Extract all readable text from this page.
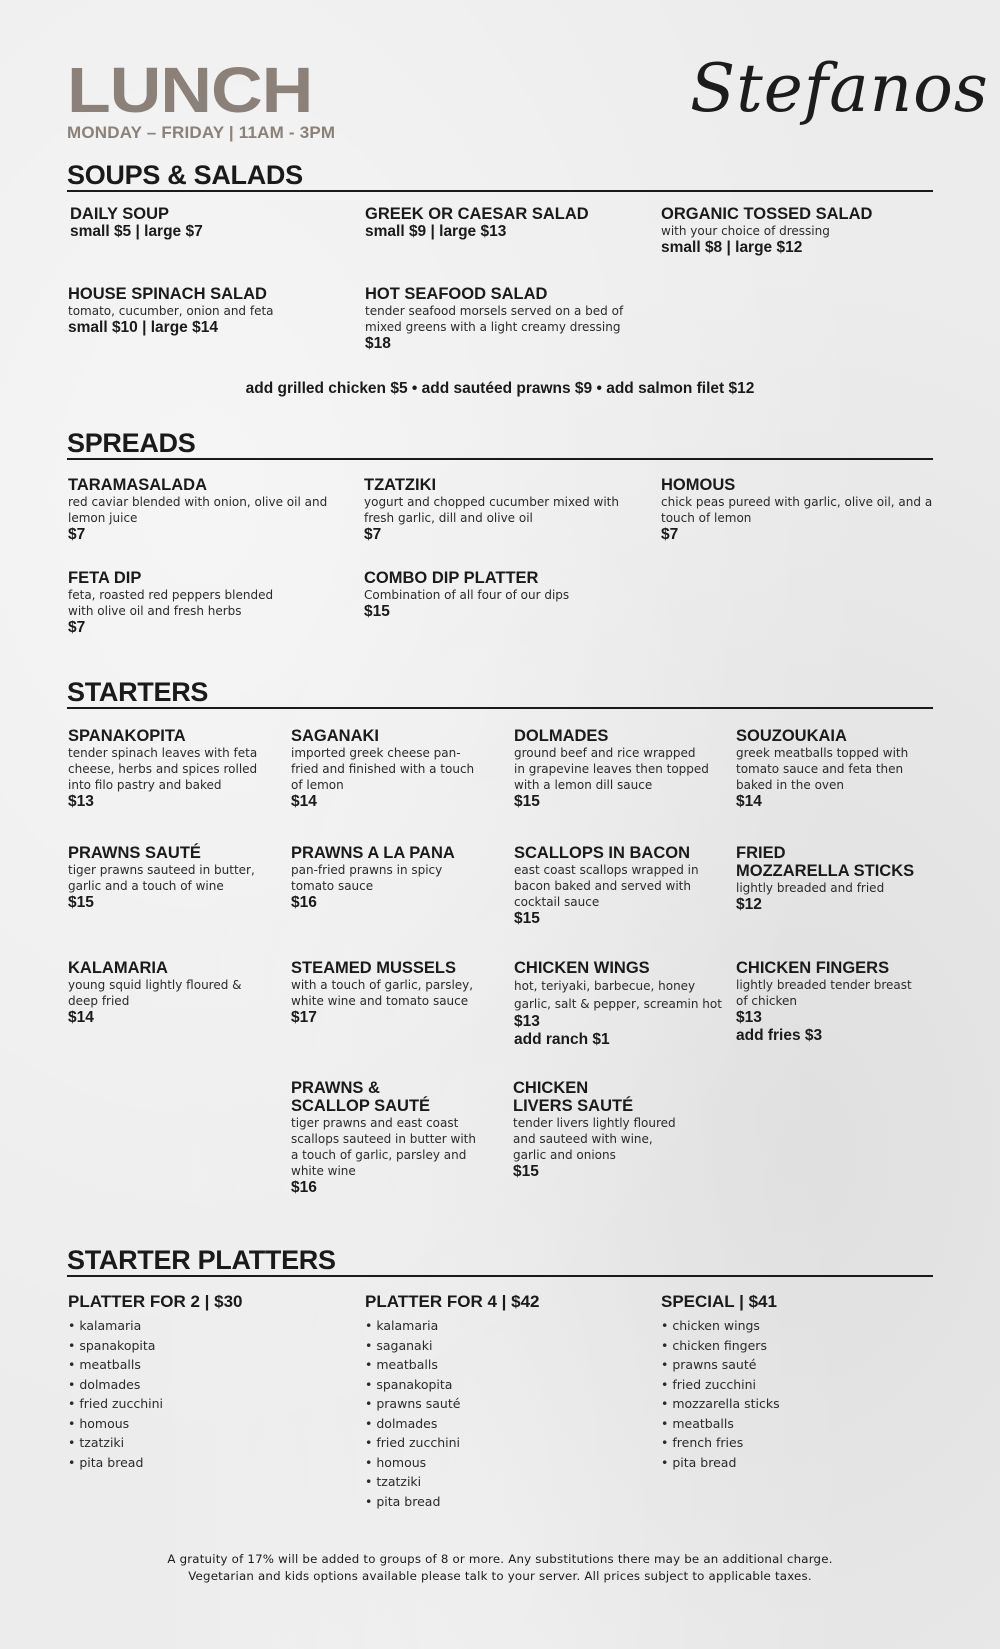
LUNCH
MONDAY – FRIDAY | 11AM - 3PM
Stefanos
SOUPS & SALADS
DAILY SOUP
small $5 | large $7
GREEK OR CAESAR SALAD
small $9 | large $13
ORGANIC TOSSED SALAD
with your choice of dressing
small $8 | large $12
HOUSE SPINACH SALAD
tomato, cucumber, onion and feta
small $10 | large $14
HOT SEAFOOD SALAD
tender seafood morsels served on a bed of
mixed greens with a light creamy dressing
$18
add grilled chicken $5 • add sautéed prawns $9 • add salmon filet $12
SPREADS
TARAMASALADA
red caviar blended with onion, olive oil and
lemon juice
$7
TZATZIKI
yogurt and chopped cucumber mixed with
fresh garlic, dill and olive oil
$7
HOMOUS
chick peas pureed with garlic, olive oil, and a
touch of lemon
$7
FETA DIP
feta, roasted red peppers blended
with olive oil and fresh herbs
$7
COMBO DIP PLATTER
Combination of all four of our dips
$15
STARTERS
SPANAKOPITA
tender spinach leaves with feta
cheese, herbs and spices rolled
into filo pastry and baked
$13
SAGANAKI
imported greek cheese pan-
fried and finished with a touch
of lemon
$14
DOLMADES
ground beef and rice wrapped
in grapevine leaves then topped
with a lemon dill sauce
$15
SOUZOUKAIA
greek meatballs topped with
tomato sauce and feta then
baked in the oven
$14
PRAWNS SAUTÉ
tiger prawns sauteed in butter,
garlic and a touch of wine
$15
PRAWNS A LA PANA
pan-fried prawns in spicy
tomato sauce
$16
SCALLOPS IN BACON
east coast scallops wrapped in
bacon baked and served with
cocktail sauce
$15
FRIED
MOZZARELLA STICKS
lightly breaded and fried
$12
KALAMARIA
young squid lightly floured &
deep fried
$14
STEAMED MUSSELS
with a touch of garlic, parsley,
white wine and tomato sauce
$17
CHICKEN WINGS
hot, teriyaki, barbecue, honey
garlic, salt & pepper, screamin hot
$13
add ranch $1
CHICKEN FINGERS
lightly breaded tender breast
of chicken
$13
add fries $3
PRAWNS &
SCALLOP SAUTÉ
tiger prawns and east coast
scallops sauteed in butter with
a touch of garlic, parsley and
white wine
$16
CHICKEN
LIVERS SAUTÉ
tender livers lightly floured
and sauteed with wine,
garlic and onions
$15
STARTER PLATTERS
PLATTER FOR 2 | $30
• kalamaria
• spanakopita
• meatballs
• dolmades
• fried zucchini
• homous
• tzatziki
• pita bread
PLATTER FOR 4 | $42
• kalamaria
• saganaki
• meatballs
• spanakopita
• prawns sauté
• dolmades
• fried zucchini
• homous
• tzatziki
• pita bread
SPECIAL | $41
• chicken wings
• chicken fingers
• prawns sauté
• fried zucchini
• mozzarella sticks
• meatballs
• french fries
• pita bread
A gratuity of 17% will be added to groups of 8 or more. Any substitutions there may be an additional charge.
Vegetarian and kids options available please talk to your server. All prices subject to applicable taxes.
